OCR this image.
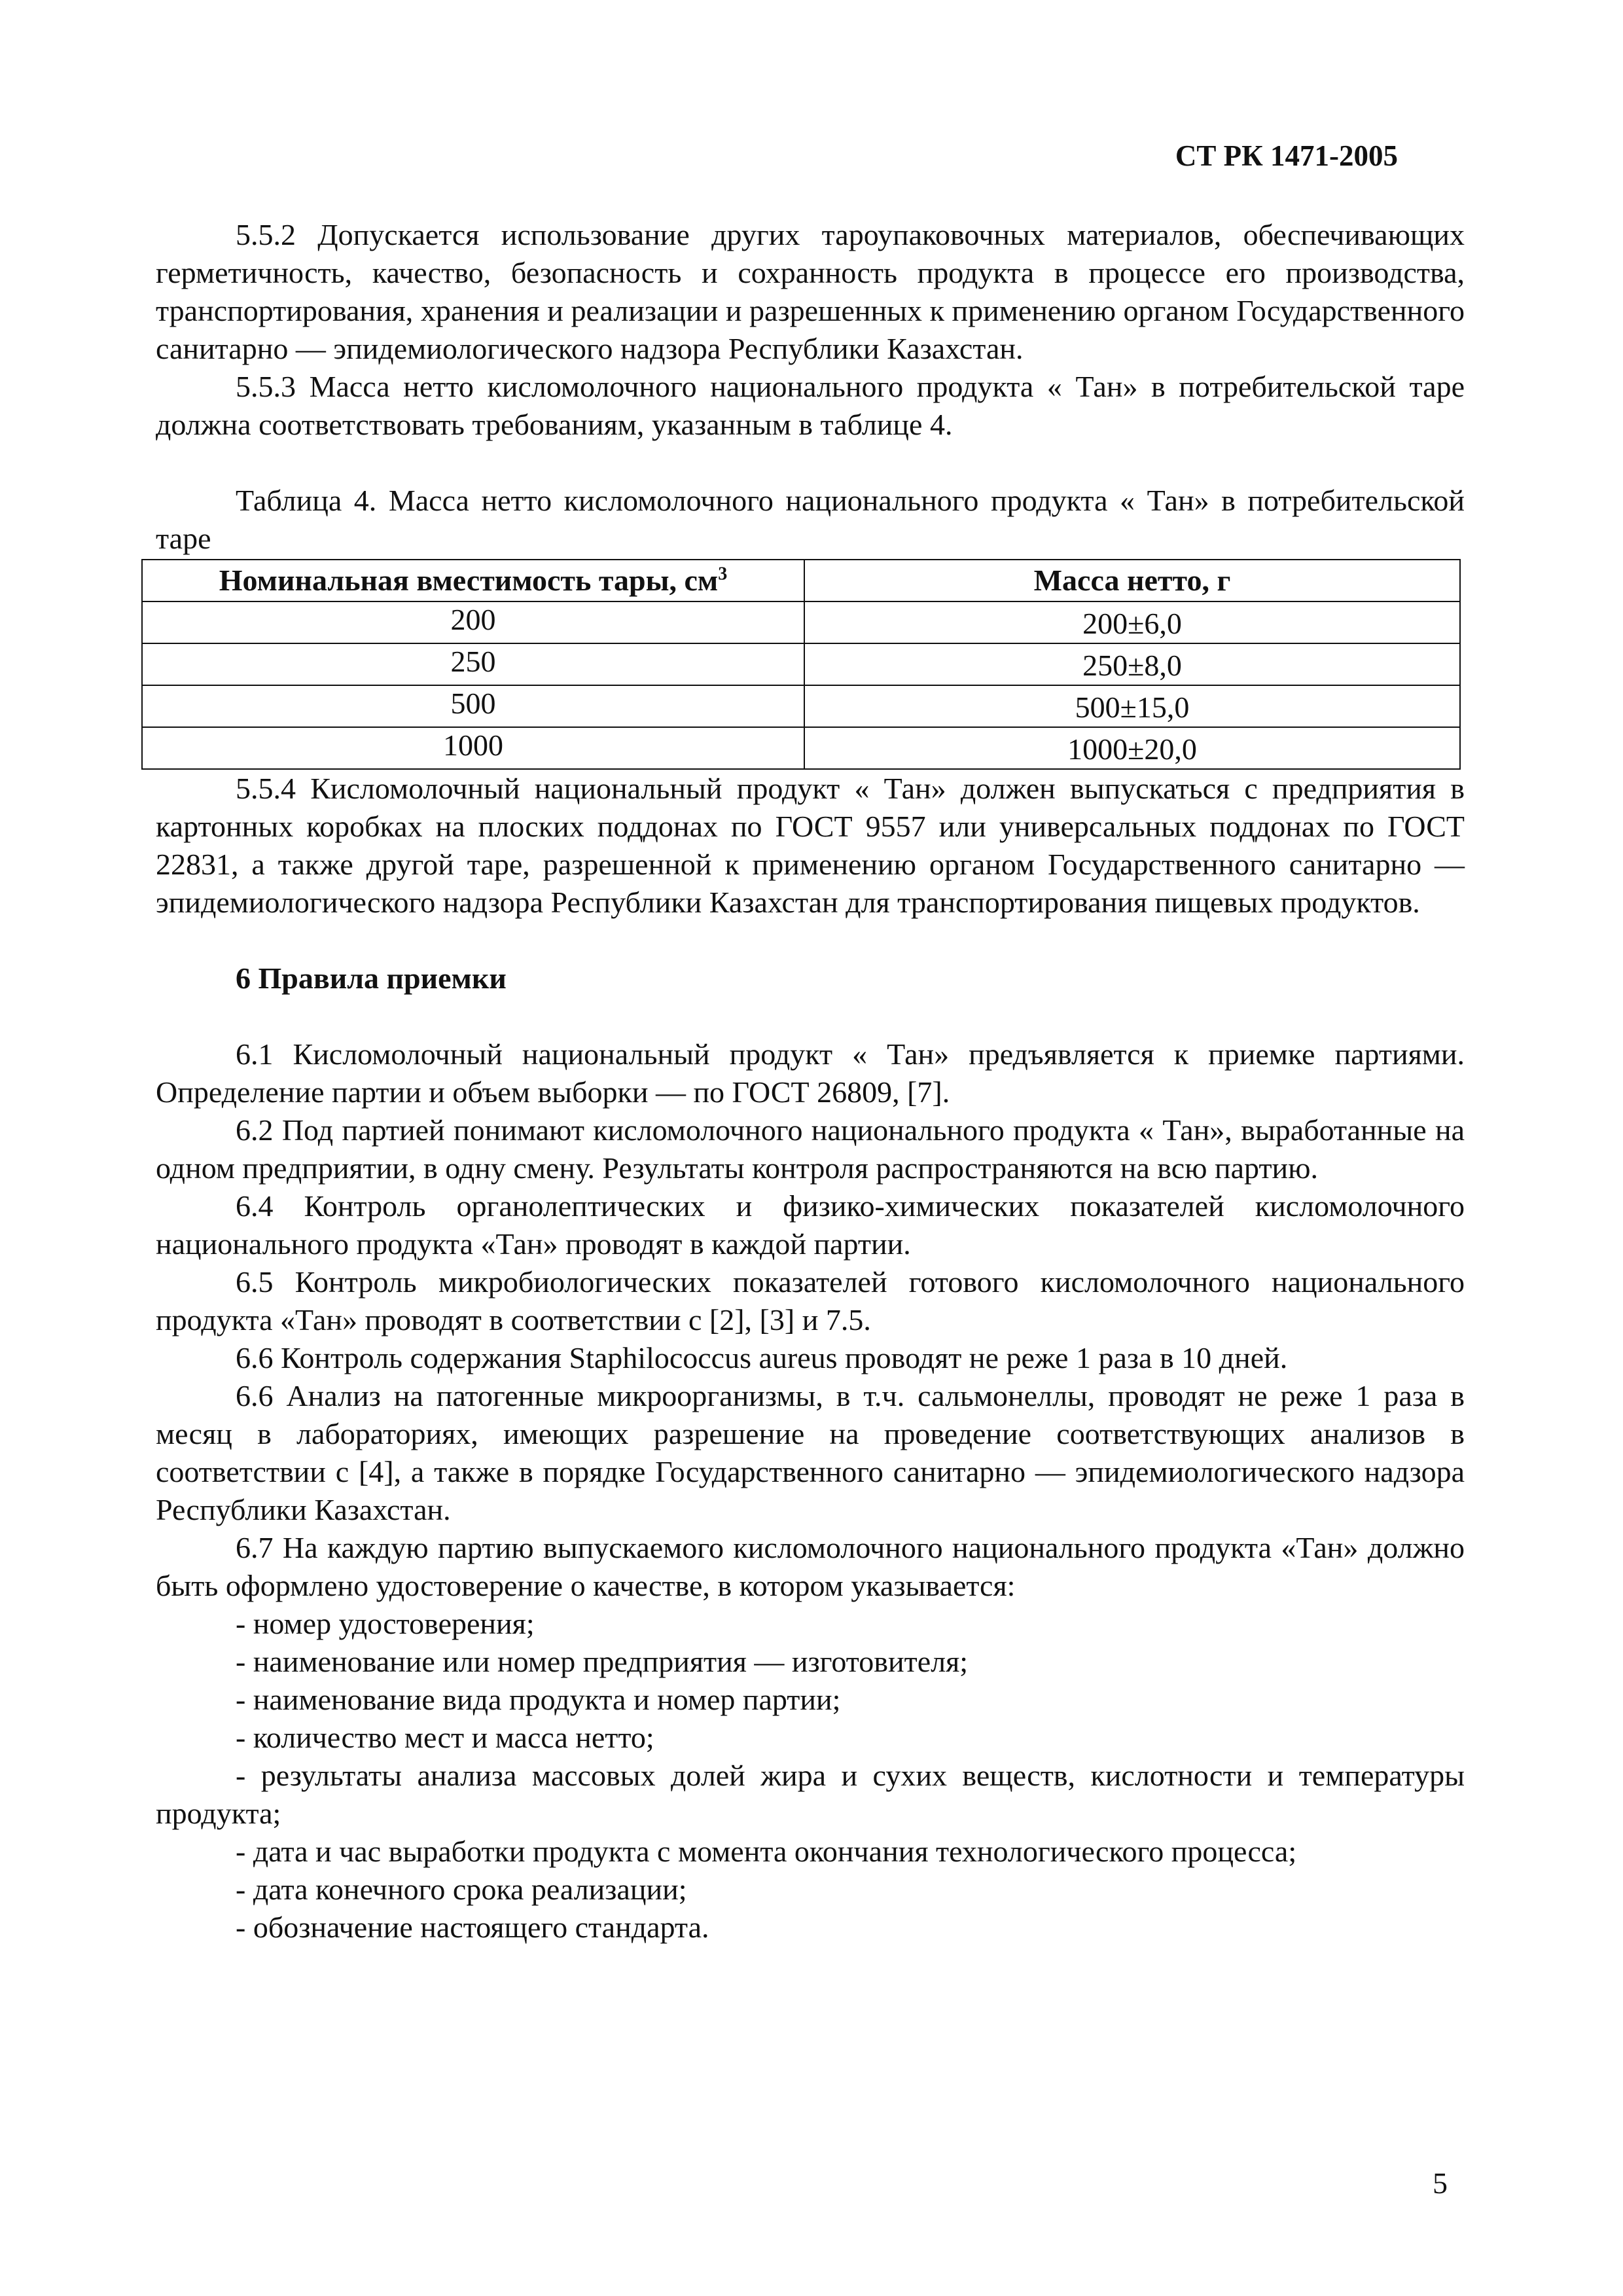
СТ РК 1471-2005

5.5.2 Допускается использование других тароупаковочных материалов, обеспечивающих герметичность, качество, безопасность и сохранность продукта в процессе его производства, транспортирования, хранения и реализации и разрешенных к применению органом Государственного санитарно — эпидемиологического надзора Республики Казахстан.

5.5.3 Масса нетто кисломолочного национального продукта « Тан» в потребительской таре должна соответствовать требованиям, указанным в таблице 4.

Таблица 4. Масса нетто кисломолочного национального продукта « Тан» в потребительской таре

Номинальная вместимость тары, $см^3$	Масса нетто, г
200	200±6,0
250	250±8,0
500	500±15,0
1000	1000±20,0

5.5.4 Кисломолочный национальный продукт « Тан» должен выпускаться с предприятия в картонных коробках на плоских поддонах по ГОСТ 9557 или универсальных поддонах по ГОСТ 22831, а также другой таре, разрешенной к применению органом Государственного санитарно — эпидемиологического надзора Республики Казахстан для транспортирования пищевых продуктов.

6 Правила приемки

6.1 Кисломолочный национальный продукт « Тан» предъявляется к приемке партиями. Определение партии и объем выборки — по ГОСТ 26809, [7].

6.2 Под партией понимают кисломолочного национального продукта « Тан», выработанные на одном предприятии, в одну смену. Результаты контроля распространяются на всю партию.

6.4 Контроль органолептических и физико-химических показателей кисломолочного национального продукта «Тан» проводят в каждой партии.

6.5 Контроль микробиологических показателей готового кисломолочного национального продукта «Тан» проводят в соответствии с [2], [3] и 7.5.

6.6 Контроль содержания Staphilococcus aureus проводят не реже 1 раза в 10 дней.

6.6 Анализ на патогенные микроорганизмы, в т.ч. сальмонеллы, проводят не реже 1 раза в месяц в лабораториях, имеющих разрешение на проведение соответствующих анализов в соответствии с [4], а также в порядке Государственного санитарно — эпидемиологического надзора Республики Казахстан.

6.7 На каждую партию выпускаемого кисломолочного национального продукта «Тан» должно быть оформлено удостоверение о качестве, в котором указывается:

- номер удостоверения;

- наименование или номер предприятия — изготовителя;

- наименование вида продукта и номер партии;

- количество мест и масса нетто;

- результаты анализа массовых долей жира и сухих веществ, кислотности и температуры продукта;

- дата и час выработки продукта с момента окончания технологического процесса;

- дата конечного срока реализации;

- обозначение настоящего стандарта.

5
